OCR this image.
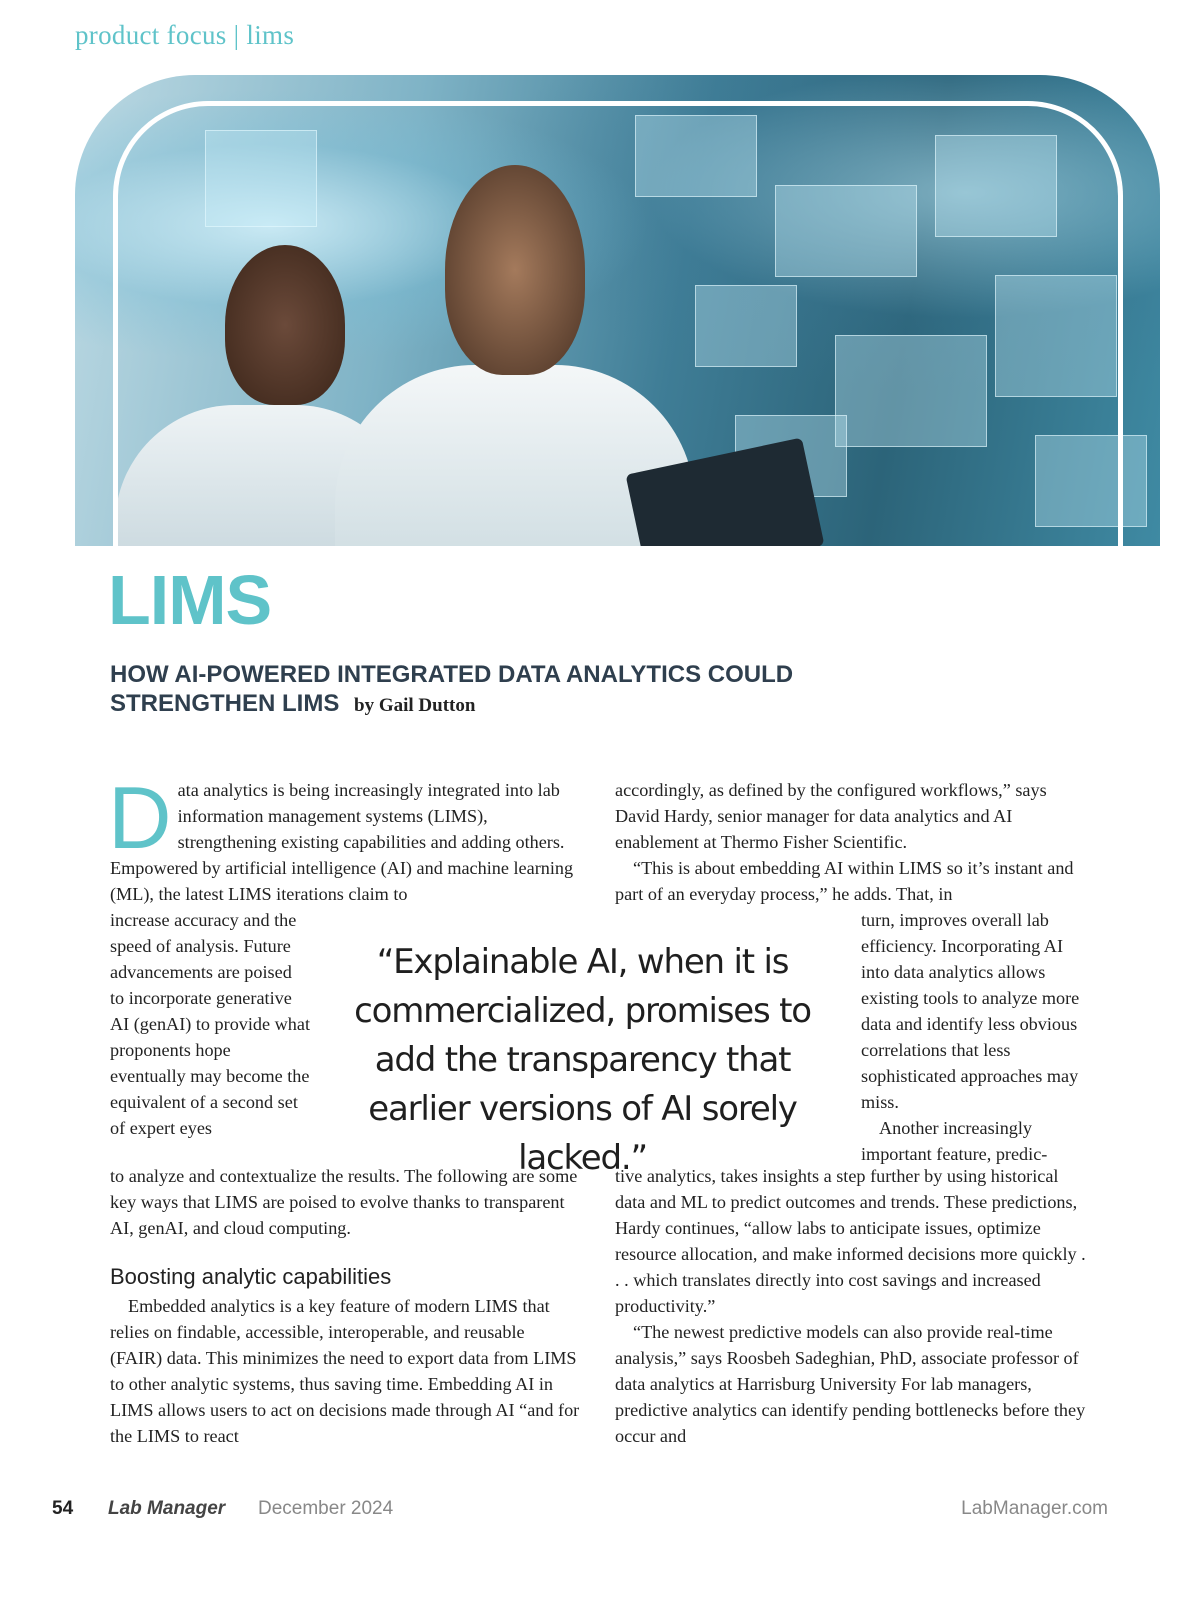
product focus | lims
LIMS
HOW AI-POWERED INTEGRATED DATA ANALYTICS COULD STRENGTHEN LIMS by Gail Dutton
D ata analytics is being increasingly integrated into lab information management systems (LIMS), strengthening existing capabilities and adding others. Empowered by artificial intelligence (AI) and machine learning (ML), the latest LIMS iterations claim to
increase accuracy and the speed of analysis. Future advancements are poised to incorporate generative AI (genAI) to provide what proponents hope eventually may become the equivalent of a second set of expert eyes
to analyze and contextualize the results. The following are some key ways that LIMS are poised to evolve thanks to transparent AI, genAI, and cloud computing.
Boosting analytic capabilities
Embedded analytics is a key feature of modern LIMS that relies on findable, accessible, interoperable, and reusable (FAIR) data. This minimizes the need to export data from LIMS to other analytic systems, thus saving time. Embedding AI in LIMS allows users to act on decisions made through AI “and for the LIMS to react

accordingly, as defined by the configured workflows,” says David Hardy, senior manager for data analytics and AI enablement at Thermo Fisher Scientific.

“This is about embedding AI within LIMS so it’s instant and part of an everyday process,” he adds. That, in

turn, improves overall lab efficiency. Incorporating AI into data analytics allows existing tools to analyze more data and identify less obvious correlations that less sophisticated approaches may miss.

Another increasingly important feature, predic-

tive analytics, takes insights a step further by using historical data and ML to predict outcomes and trends. These predictions, Hardy continues, “allow labs to anticipate issues, optimize resource allocation, and make informed decisions more quickly . . . which translates directly into cost savings and increased productivity.”

“The newest predictive models can also provide real-time analysis,” says Roosbeh Sadeghian, PhD, associate professor of data analytics at Harrisburg University For lab managers, predictive analytics can identify pending bottlenecks before they occur and

“Explainable AI, when it is commercialized, promises to add the transparency that earlier versions of AI sorely lacked.”
54 Lab Manager December 2024	LabManager.com
